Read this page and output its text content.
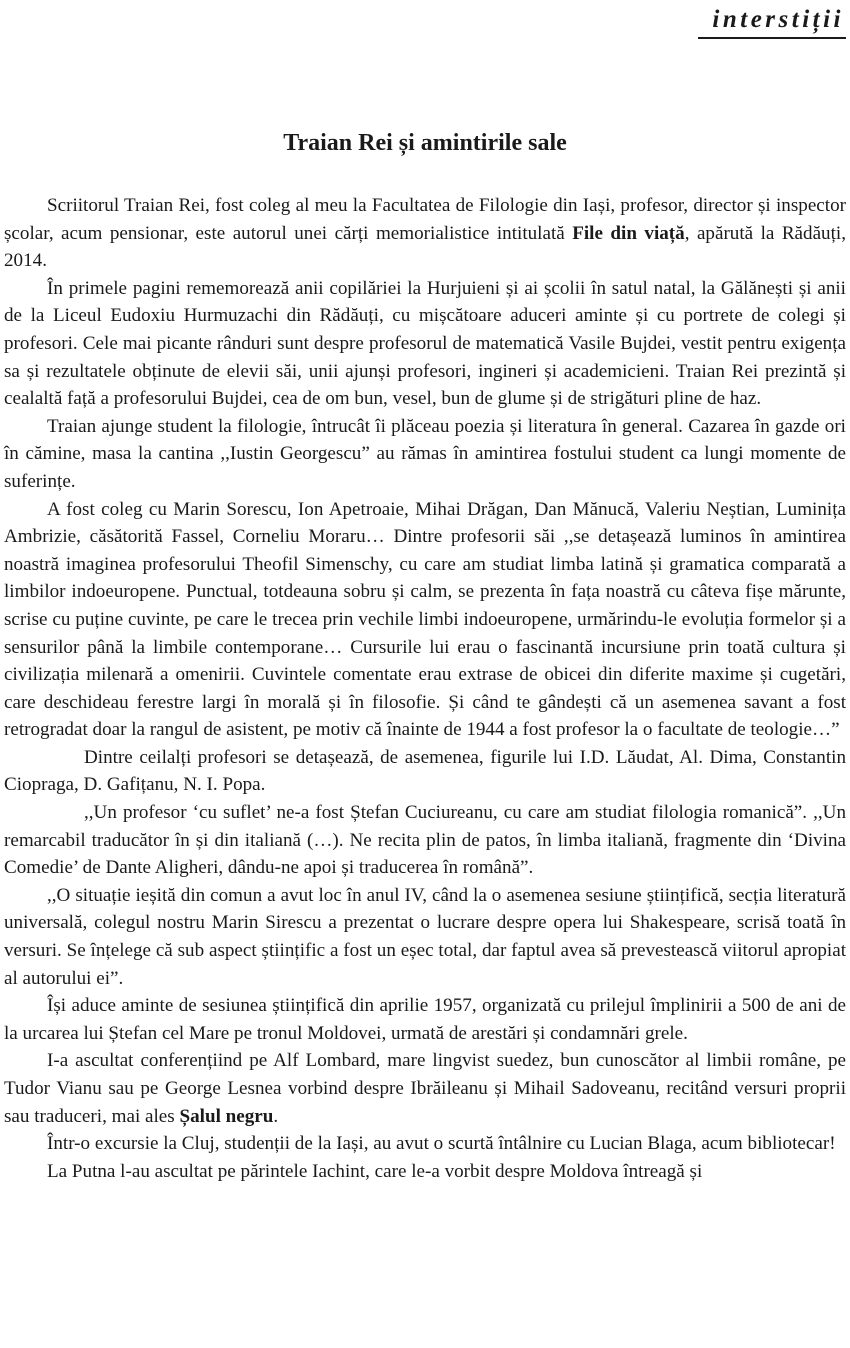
interstiții
Traian Rei și amintirile sale

Scriitorul Traian Rei, fost coleg al meu la Facultatea de Filologie din Iași, profesor, director și inspector școlar, acum pensionar, este autorul unei cărți memorialistice intitulată File din viață, apărută la Rădăuți, 2014.

În primele pagini rememorează anii copilăriei la Hurjuieni și ai școlii în satul natal, la Gălănești și anii de la Liceul Eudoxiu Hurmuzachi din Rădăuți, cu mișcătoare aduceri aminte și cu portrete de colegi și profesori. Cele mai picante rânduri sunt despre profesorul de matematică Vasile Bujdei, vestit pentru exigența sa și rezultatele obținute de elevii săi, unii ajunși profesori, ingineri și academicieni. Traian Rei prezintă și cealaltă față a profesorului Bujdei, cea de om bun, vesel, bun de glume și de strigături pline de haz.

Traian ajunge student la filologie, întrucât îi plăceau poezia și literatura în general. Cazarea în gazde ori în cămine, masa la cantina ,,Iustin Georgescu” au rămas în amintirea fostului student ca lungi momente de suferințe.

A fost coleg cu Marin Sorescu, Ion Apetroaie, Mihai Drăgan, Dan Mănucă, Valeriu Neștian, Luminița Ambrizie, căsătorită Fassel, Corneliu Moraru… Dintre profesorii săi ,,se detașează luminos în amintirea noastră imaginea profesorului Theofil Simenschy, cu care am studiat limba latină și gramatica comparată a limbilor indoeuropene. Punctual, totdeauna sobru și calm, se prezenta în fața noastră cu câteva fișe mărunte, scrise cu puține cuvinte, pe care le trecea prin vechile limbi indoeuropene, urmărindu-le evoluția formelor și a sensurilor până la limbile contemporane… Cursurile lui erau o fascinantă incursiune prin toată cultura și civilizația milenară a omenirii. Cuvintele comentate erau extrase de obicei din diferite maxime și cugetări, care deschideau ferestre largi în morală și în filosofie. Și când te gândești că un asemenea savant a fost retrogradat doar la rangul de asistent, pe motiv că înainte de 1944 a fost profesor la o facultate de teologie…”

Dintre ceilalți profesori se detașează, de asemenea, figurile lui I.D. Lăudat, Al. Dima, Constantin Ciopraga, D. Gafițanu, N. I. Popa.

,,Un profesor ‘cu suflet’ ne-a fost Ștefan Cuciureanu, cu care am studiat filologia romanică”. ,,Un remarcabil traducător în și din italiană (…). Ne recita plin de patos, în limba italiană, fragmente din ‘Divina Comedie’ de Dante Aligheri, dându-ne apoi și traducerea în română”.

,,O situație ieșită din comun a avut loc în anul IV, când la o asemenea sesiune științifică, secția literatură universală, colegul nostru Marin Sirescu a prezentat o lucrare despre opera lui Shakespeare, scrisă toată în versuri. Se înțelege că sub aspect științific a fost un eșec total, dar faptul avea să prevestească viitorul apropiat al autorului ei”.

Își aduce aminte de sesiunea științifică din aprilie 1957, organizată cu prilejul împlinirii a 500 de ani de la urcarea lui Ștefan cel Mare pe tronul Moldovei, urmată de arestări și condamnări grele.

I-a ascultat conferențiind pe Alf Lombard, mare lingvist suedez, bun cunoscător al limbii române, pe Tudor Vianu sau pe George Lesnea vorbind despre Ibrăileanu și Mihail Sadoveanu, recitând versuri proprii sau traduceri, mai ales Șalul negru.

Într-o excursie la Cluj, studenții de la Iași, au avut o scurtă întâlnire cu Lucian Blaga, acum bibliotecar!

La Putna l-au ascultat pe părintele Iachint, care le-a vorbit despre Moldova întreagă și
